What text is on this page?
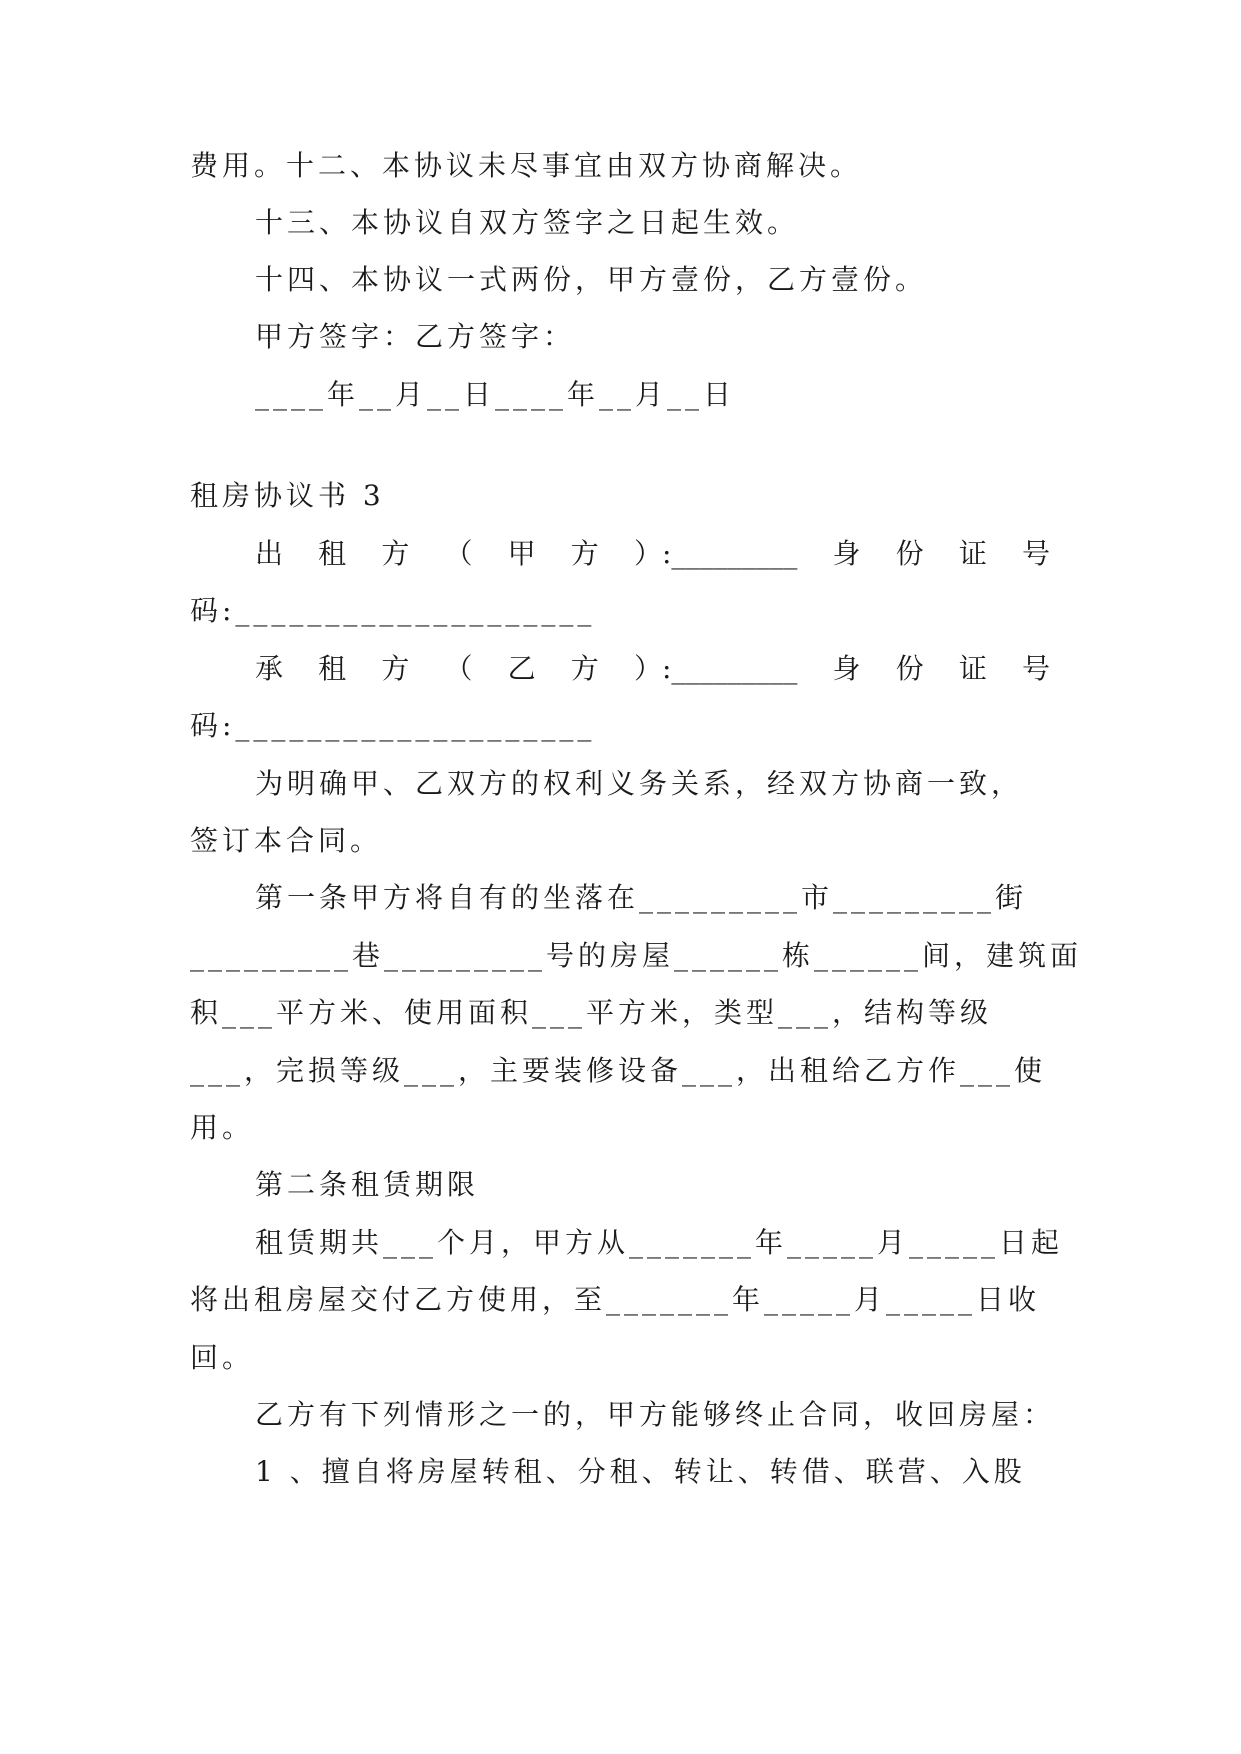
费用。十二、本协议未尽事宜由双方协商解决。
十三、本协议自双方签字之日起生效。
十四、本协议一式两份，甲方壹份，乙方壹份。
甲方签字：乙方签字：
____年__月__日____年__月__日
租房协议书 3
出 租 方 （ 甲 方 ）:_________ 身 份 证 号
码:____________________
承 租 方 （ 乙 方 ）:_________ 身 份 证 号
码:____________________
为明确甲、乙双方的权利义务关系，经双方协商一致，
签订本合同。
第一条甲方将自有的坐落在_________市_________街
_________巷_________号的房屋______栋______间，建筑面
积___平方米、使用面积___平方米，类型___，结构等级
___，完损等级___，主要装修设备___，出租给乙方作___使
用。
第二条租赁期限
租赁期共___个月，甲方从_______年_____月_____日起
将出租房屋交付乙方使用，至_______年_____月_____日收
回。
乙方有下列情形之一的，甲方能够终止合同，收回房屋：
1 、擅自将房屋转租、分租、转让、转借、联营、入股
